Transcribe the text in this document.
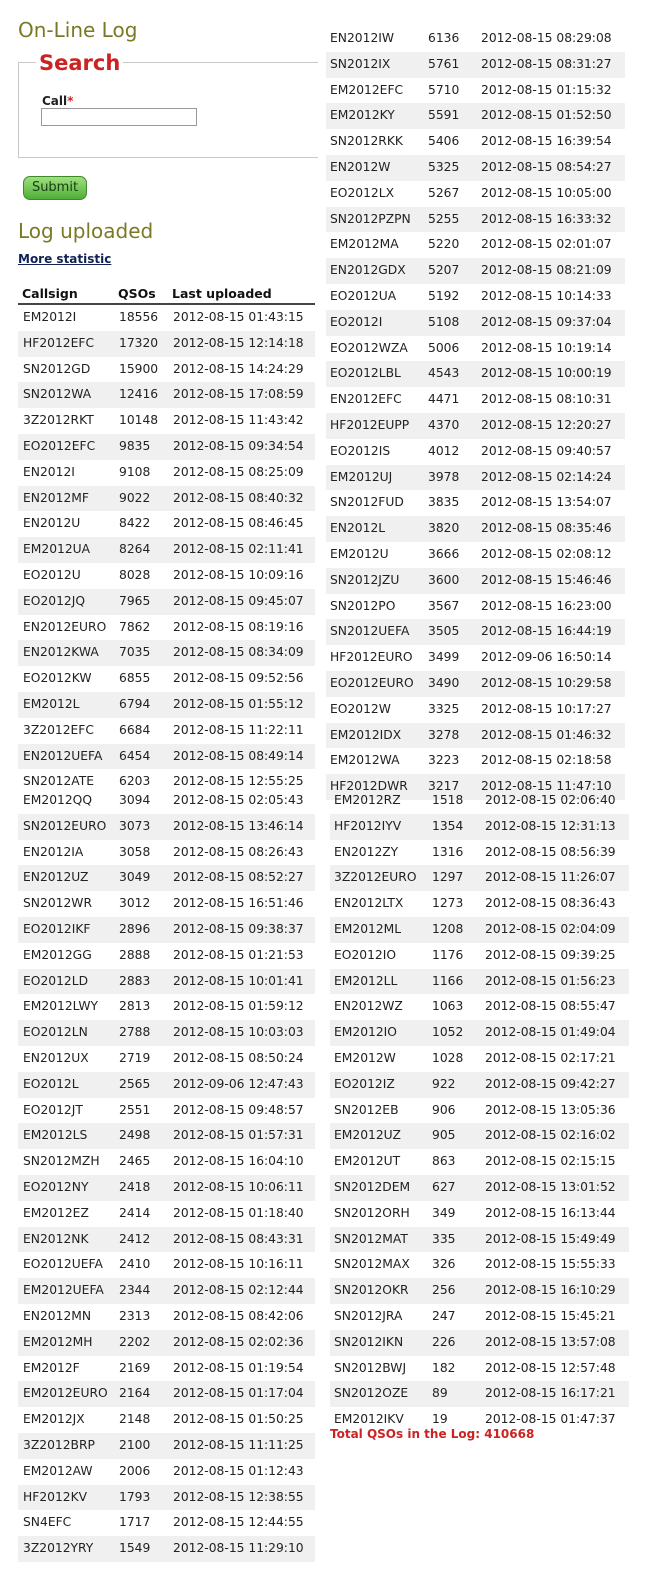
On-Line Log
Search
Call*
Submit
Log uploaded
More statistic
Callsign	QSOs Last uploaded
EM2012I	18556 2012-08-15 01:43:15
HF2012EFC 17320 2012-08-15 12:14:18
SN2012GD 15900 2012-08-15 14:24:29
SN2012WA 12416 2012-08-15 17:08:59
3Z2012RKT 10148 2012-08-15 11:43:42
EO2012EFC 9835 2012-08-15 09:34:54
EN2012I	9108 2012-08-15 08:25:09
EN2012MF 9022 2012-08-15 08:40:32
EN2012U	8422 2012-08-15 08:46:45
EM2012UA 8264 2012-08-15 02:11:41
EO2012U	8028 2012-08-15 10:09:16
EO2012JQ	7965 2012-08-15 09:45:07
EN2012EURO 7862 2012-08-15 08:19:16
EN2012KWA 7035 2012-08-15 08:34:09
EO2012KW 6855 2012-08-15 09:52:56
EM2012L	6794 2012-08-15 01:55:12
3Z2012EFC 6684 2012-08-15 11:22:11
EN2012UEFA 6454 2012-08-15 08:49:14
SN2012ATE 6203 2012-08-15 12:55:25
EN2012IW	6136 2012-08-15 08:29:08
SN2012IX	5761 2012-08-15 08:31:27
EM2012EFC 5710 2012-08-15 01:15:32
EM2012KY	5591 2012-08-15 01:52:50
SN2012RKK 5406 2012-08-15 16:39:54
EN2012W	5325 2012-08-15 08:54:27
EO2012LX	5267 2012-08-15 10:05:00
SN2012PZPN 5255 2012-08-15 16:33:32
EM2012MA 5220 2012-08-15 02:01:07
EN2012GDX 5207 2012-08-15 08:21:09
EO2012UA	5192 2012-08-15 10:14:33
EO2012I	5108 2012-08-15 09:37:04
EO2012WZA 5006 2012-08-15 10:19:14
EO2012LBL 4543 2012-08-15 10:00:19
EN2012EFC 4471 2012-08-15 08:10:31
HF2012EUPP 4370 2012-08-15 12:20:27
EO2012IS	4012 2012-08-15 09:40:57
EM2012UJ	3978 2012-08-15 02:14:24
SN2012FUD 3835 2012-08-15 13:54:07
EN2012L	3820 2012-08-15 08:35:46
EM2012U	3666 2012-08-15 02:08:12
SN2012JZU 3600 2012-08-15 15:46:46
SN2012PO	3567 2012-08-15 16:23:00
SN2012UEFA 3505 2012-08-15 16:44:19
HF2012EURO 3499 2012-09-06 16:50:14
EO2012EURO 3490 2012-08-15 10:29:58
EO2012W	3325 2012-08-15 10:17:27
EM2012IDX 3278 2012-08-15 01:46:32
EM2012WA 3223 2012-08-15 02:18:58
HF2012DWR 3217 2012-08-15 11:47:10
EM2012QQ 3094 2012-08-15 02:05:43
SN2012EURO 3073 2012-08-15 13:46:14
EN2012IA	3058 2012-08-15 08:26:43
EN2012UZ 3049 2012-08-15 08:52:27
SN2012WR 3012 2012-08-15 16:51:46
EO2012IKF 2896 2012-08-15 09:38:37
EM2012GG 2888 2012-08-15 01:21:53
EO2012LD	2883 2012-08-15 10:01:41
EM2012LWY 2813 2012-08-15 01:59:12
EO2012LN	2788 2012-08-15 10:03:03
EN2012UX 2719 2012-08-15 08:50:24
EO2012L	2565 2012-09-06 12:47:43
EO2012JT	2551 2012-08-15 09:48:57
EM2012LS	2498 2012-08-15 01:57:31
SN2012MZH 2465 2012-08-15 16:04:10
EO2012NY 2418 2012-08-15 10:06:11
EM2012EZ 2414 2012-08-15 01:18:40
EN2012NK 2412 2012-08-15 08:43:31
EO2012UEFA 2410 2012-08-15 10:16:11
EM2012UEFA 2344 2012-08-15 02:12:44
EN2012MN 2313 2012-08-15 08:42:06
EM2012MH 2202 2012-08-15 02:02:36
EM2012F	2169 2012-08-15 01:19:54
EM2012EURO 2164 2012-08-15 01:17:04
EM2012JX	2148 2012-08-15 01:50:25
3Z2012BRP 2100 2012-08-15 11:11:25
EM2012AW 2006 2012-08-15 01:12:43
HF2012KV	1793 2012-08-15 12:38:55
SN4EFC	1717 2012-08-15 12:44:55
3Z2012YRY 1549 2012-08-15 11:29:10
EM2012RZ	1518 2012-08-15 02:06:40
HF2012IYV	1354 2012-08-15 12:31:13
EN2012ZY	1316 2012-08-15 08:56:39
3Z2012EURO 1297 2012-08-15 11:26:07
EN2012LTX 1273 2012-08-15 08:36:43
EM2012ML	1208 2012-08-15 02:04:09
EO2012IO	1176 2012-08-15 09:39:25
EM2012LL	1166 2012-08-15 01:56:23
EN2012WZ 1063 2012-08-15 08:55:47
EM2012IO	1052 2012-08-15 01:49:04
EM2012W	1028 2012-08-15 02:17:21
EO2012IZ	922 2012-08-15 09:42:27
SN2012EB	906 2012-08-15 13:05:36
EM2012UZ	905 2012-08-15 02:16:02
EM2012UT	863 2012-08-15 02:15:15
SN2012DEM 627 2012-08-15 13:01:52
SN2012ORH 349 2012-08-15 16:13:44
SN2012MAT 335 2012-08-15 15:49:49
SN2012MAX 326 2012-08-15 15:55:33
SN2012OKR 256 2012-08-15 16:10:29
SN2012JRA 247 2012-08-15 15:45:21
SN2012IKN 226 2012-08-15 13:57:08
SN2012BWJ 182 2012-08-15 12:57:48
SN2012OZE 89	2012-08-15 16:17:21
EM2012IKV 19	2012-08-15 01:47:37
Total QSOs in the Log: 410668
